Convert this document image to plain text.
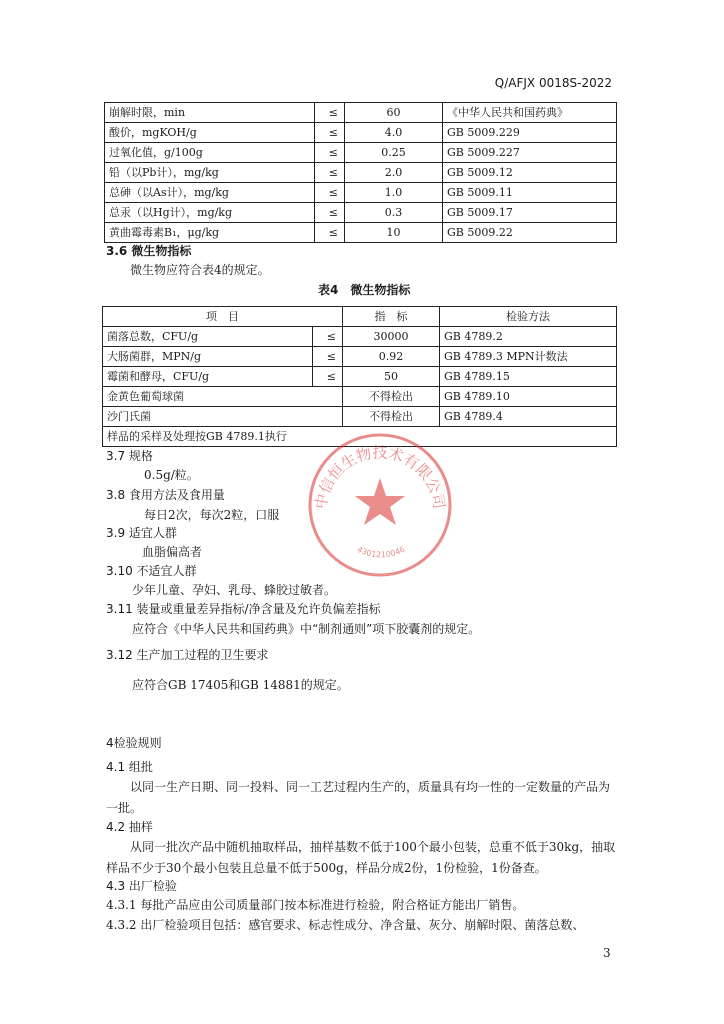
Q/AFJX 0018S-2022
崩解时限，min	≤	60	《中华人民共和国药典》
酸价，mgKOH/g	≤	4.0	GB 5009.229
过氧化值，g/100g	≤	0.25	GB 5009.227
铅（以Pb计），mg/kg	≤	2.0	GB 5009.12
总砷（以As计），mg/kg	≤	1.0	GB 5009.11
总汞（以Hg计），mg/kg	≤	0.3	GB 5009.17
黄曲霉毒素B₁，μg/kg	≤	10	GB 5009.22
3.6 微生物指标
微生物应符合表4的规定。
表4　微生物指标
项　目		指　标	检验方法
菌落总数，CFU/g	≤	30000	GB 4789.2
大肠菌群，MPN/g	≤	0.92	GB 4789.3 MPN计数法
霉菌和酵母，CFU/g	≤	50	GB 4789.15
金黄色葡萄球菌		不得检出	GB 4789.10
沙门氏菌		不得检出	GB 4789.4
样品的采样及处理按GB 4789.1执行			
3.7 规格
0.5g/粒。
3.8 食用方法及食用量
每日2次，每次2粒，口服
3.9 适宜人群
血脂偏高者
3.10 不适宜人群
少年儿童、孕妇、乳母、蜂胶过敏者。
3.11 装量或重量差异指标/净含量及允许负偏差指标
应符合《中华人民共和国药典》中“制剂通则”项下胶囊剂的规定。
3.12 生产加工过程的卫生要求
应符合GB 17405和GB 14881的规定。
4检验规则
4.1 组批
以同一生产日期、同一投料、同一工艺过程内生产的，质量具有均一性的一定数量的产品为一批。
4.2 抽样
从同一批次产品中随机抽取样品，抽样基数不低于100个最小包装，总重不低于30kg，抽取样品不少于30个最小包装且总量不低于500g，样品分成2份，1份检验，1份备查。
4.3 出厂检验
4.3.1 每批产品应由公司质量部门按本标准进行检验，附合格证方能出厂销售。
4.3.2 出厂检验项目包括：感官要求、标志性成分、净含量、灰分、崩解时限、菌落总数、
3
中信恒生物技术有限公司
4301210046
